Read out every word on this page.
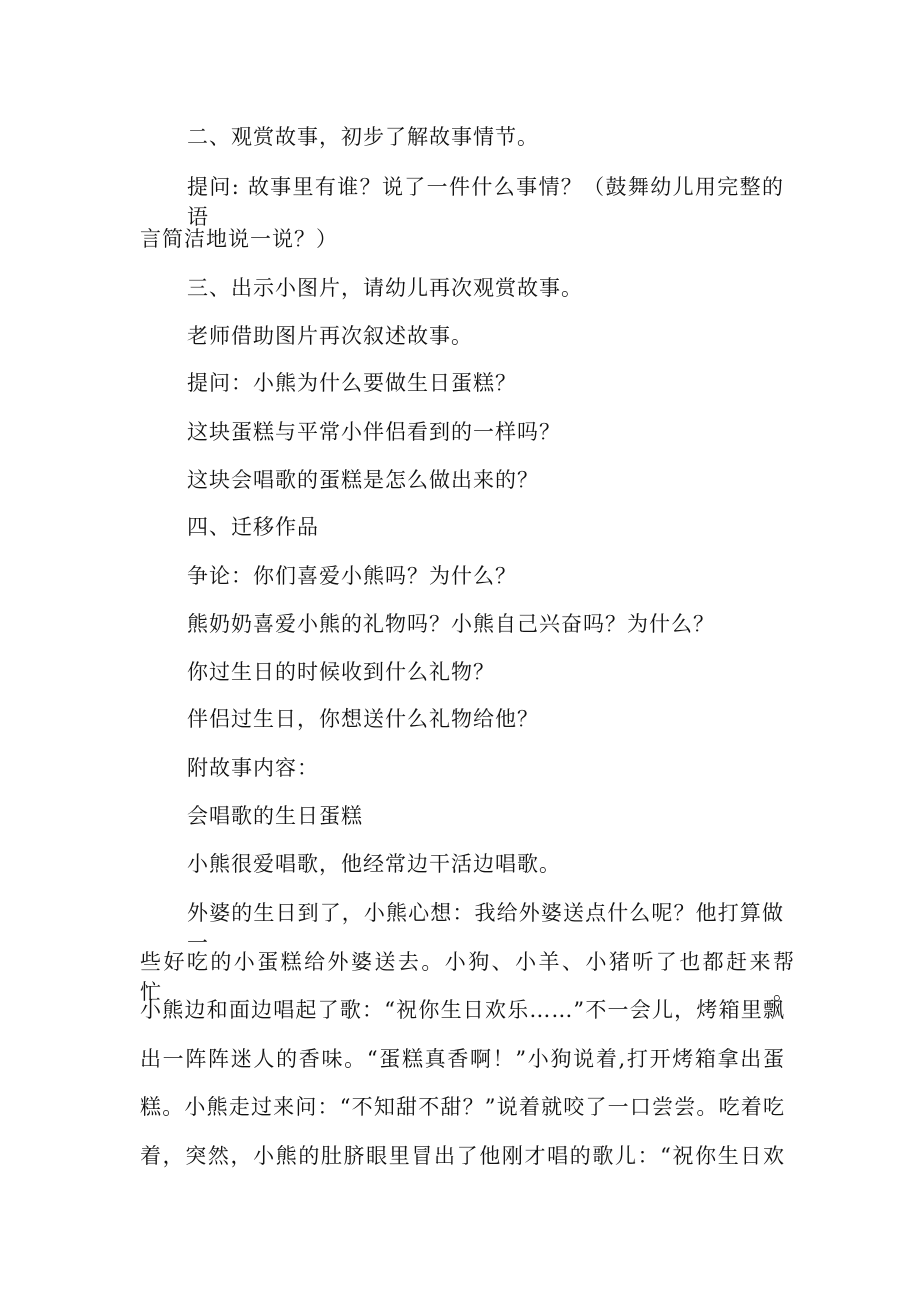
二、观赏故事，初步了解故事情节。
提问: 故事里有谁？说了一件什么事情？（鼓舞幼儿用完整的语
言简洁地说一说？）
三、出示小图片，请幼儿再次观赏故事。
老师借助图片再次叙述故事。
提问：小熊为什么要做生日蛋糕？
这块蛋糕与平常小伴侣看到的一样吗？
这块会唱歌的蛋糕是怎么做出来的？
四、迁移作品
争论：你们喜爱小熊吗？为什么？
熊奶奶喜爱小熊的礼物吗？小熊自己兴奋吗？为什么？
你过生日的时候收到什么礼物？
伴侣过生日，你想送什么礼物给他？
附故事内容：
会唱歌的生日蛋糕
小熊很爱唱歌，他经常边干活边唱歌。
外婆的生日到了，小熊心想：我给外婆送点什么呢？他打算做一
些好吃的小蛋糕给外婆送去。小狗、小羊、小猪听了也都赶来帮忙。
小熊边和面边唱起了歌：“祝你生日欢乐……”不一会儿，烤箱里飘
出一阵阵迷人的香味。“蛋糕真香啊！”小狗说着,打开烤箱拿出蛋
糕。小熊走过来问：“不知甜不甜？”说着就咬了一口尝尝。吃着吃
着，突然，小熊的肚脐眼里冒出了他刚才唱的歌儿：“祝你生日欢
